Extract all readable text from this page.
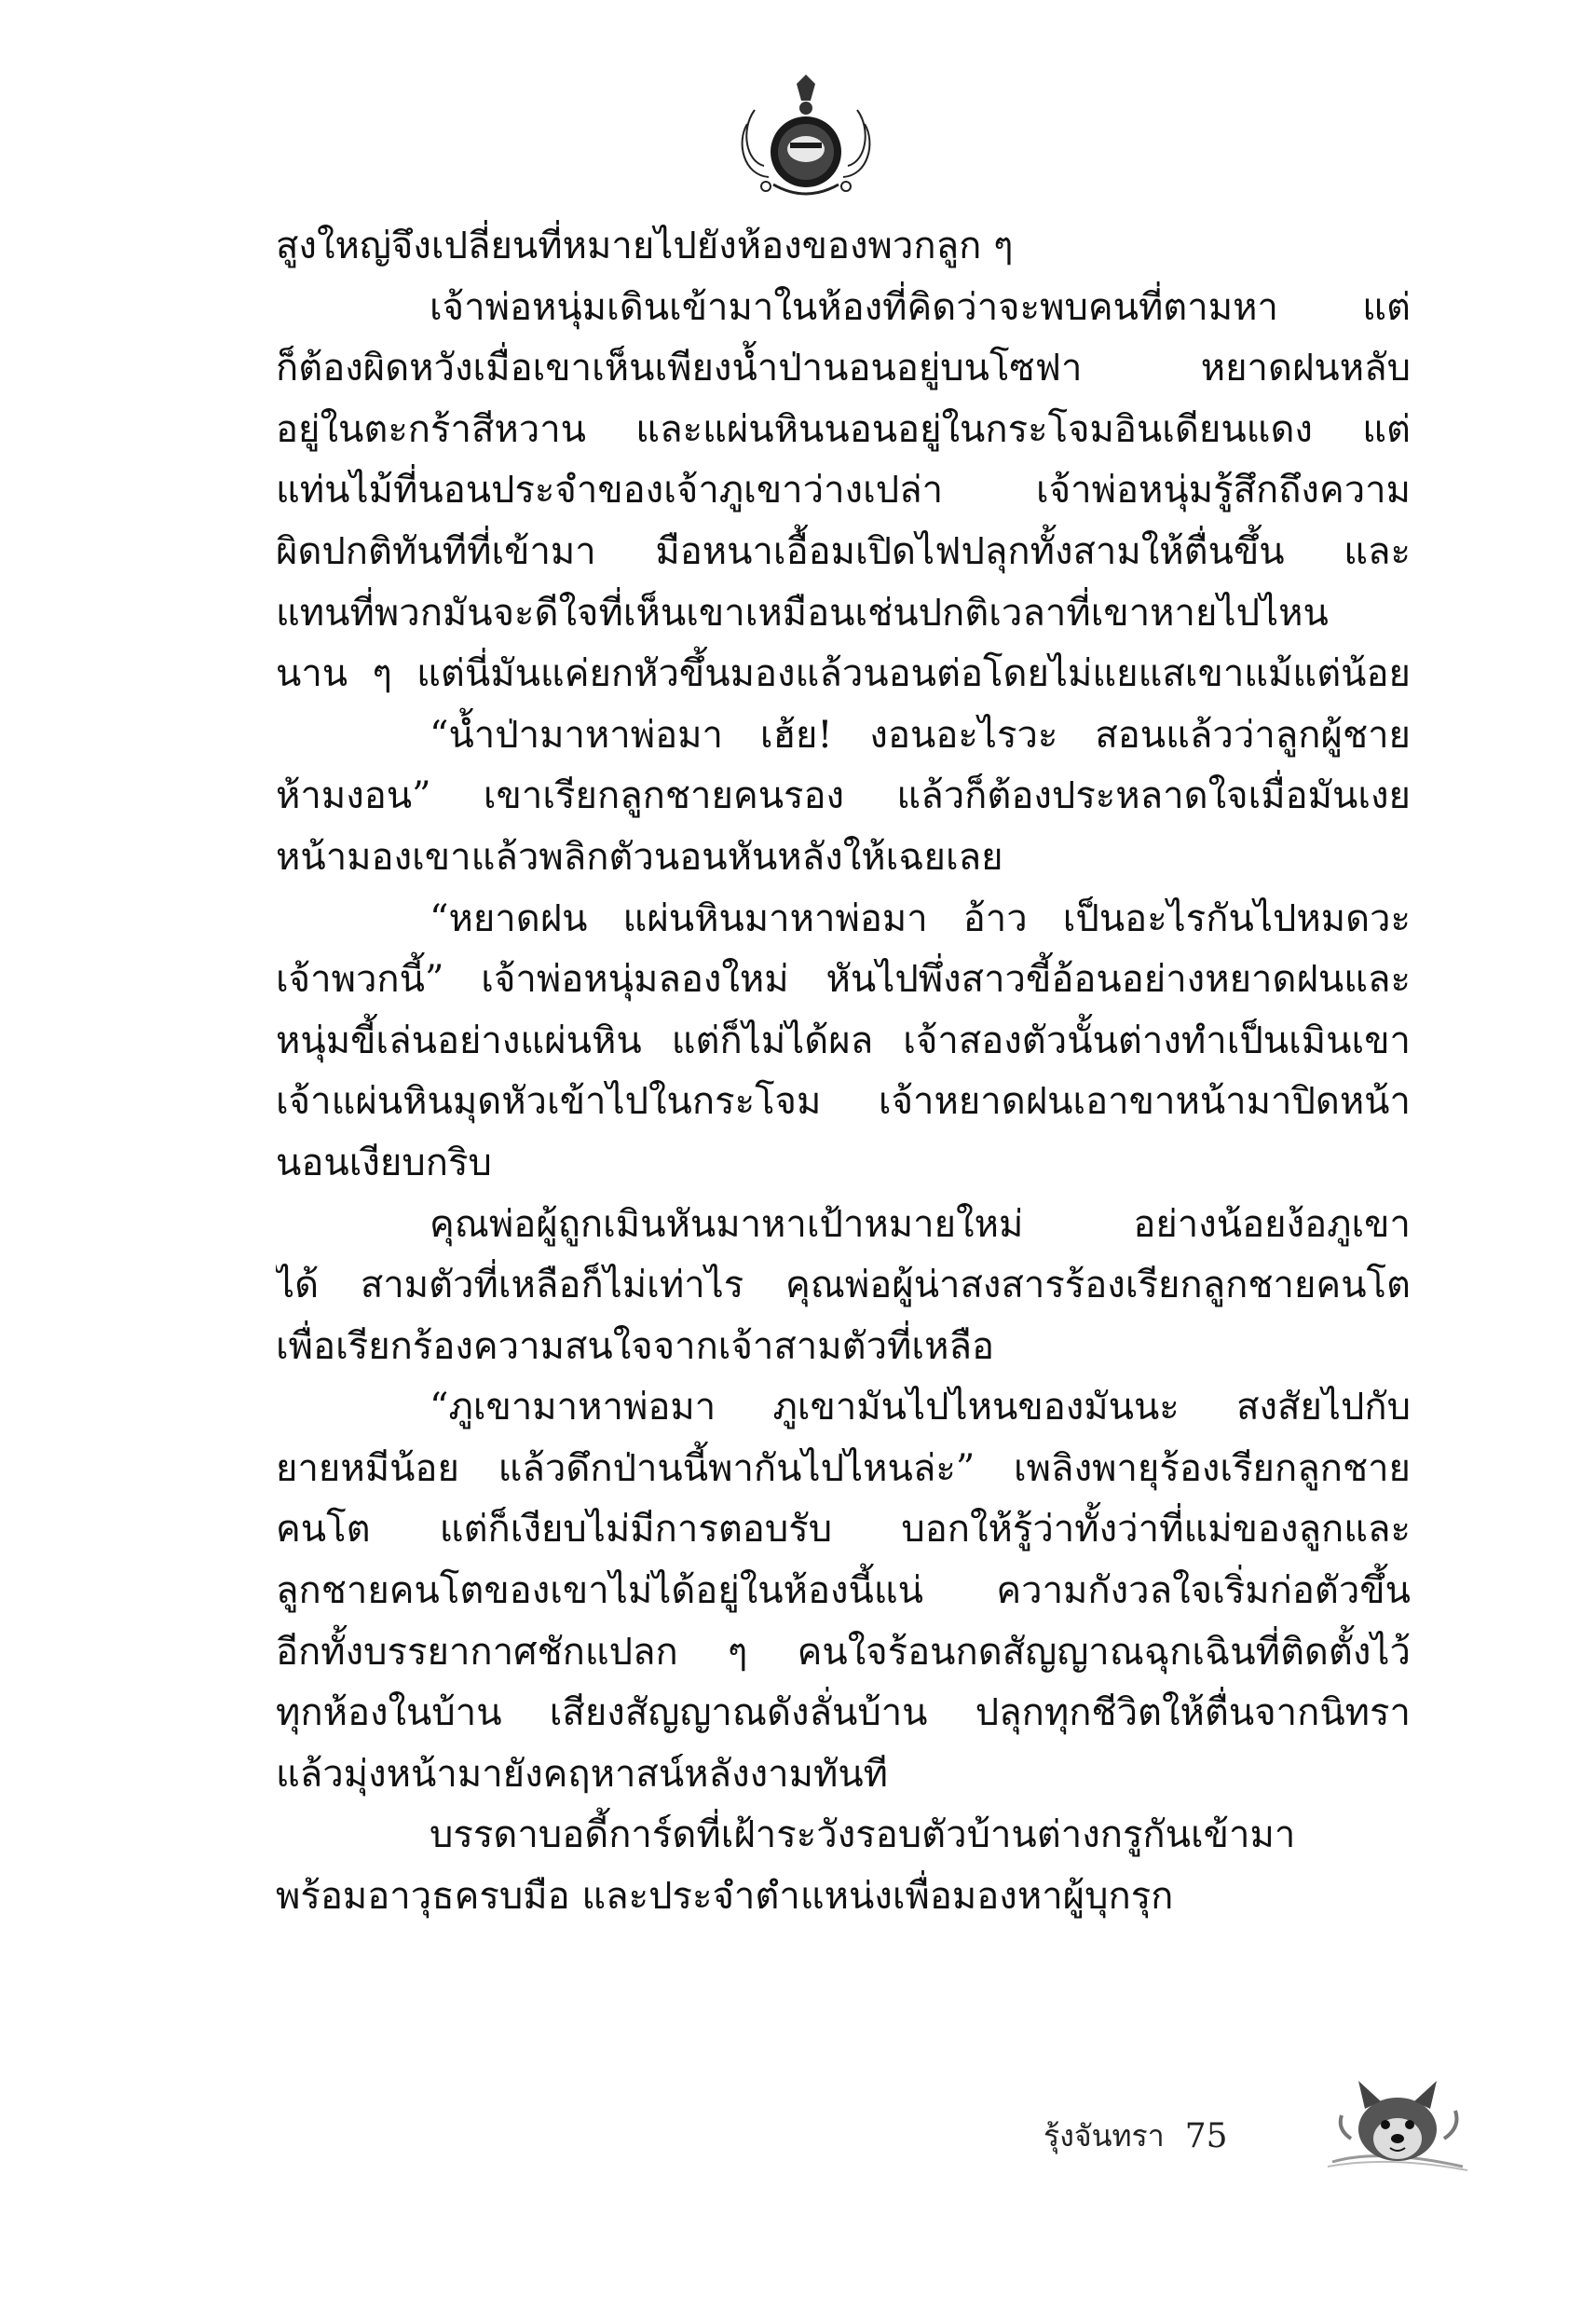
สูงใหญ่จึงเปลี่ยนที่หมายไปยังห้องของพวกลูก ๆ
เจ้าพ่อหนุ่มเดินเข้ามาในห้องที่คิดว่าจะพบคนที่ตามหา แต่
ก็ต้องผิดหวังเมื่อเขาเห็นเพียงน้ำป่านอนอยู่บนโซฟา หยาดฝนหลับ
อยู่ในตะกร้าสีหวาน และแผ่นหินนอนอยู่ในกระโจมอินเดียนแดง แต่
แท่นไม้ที่นอนประจำของเจ้าภูเขาว่างเปล่า เจ้าพ่อหนุ่มรู้สึกถึงความ
ผิดปกติทันทีที่เข้ามา มือหนาเอื้อมเปิดไฟปลุกทั้งสามให้ตื่นขึ้น และ
แทนที่พวกมันจะดีใจที่เห็นเขาเหมือนเช่นปกติเวลาที่เขาหายไปไหน
นาน ๆ แต่นี่มันแค่ยกหัวขึ้นมองแล้วนอนต่อโดยไม่แยแสเขาแม้แต่น้อย
“น้ำป่ามาหาพ่อมา เฮ้ย! งอนอะไรวะ สอนแล้วว่าลูกผู้ชาย
ห้ามงอน” เขาเรียกลูกชายคนรอง แล้วก็ต้องประหลาดใจเมื่อมันเงย
หน้ามองเขาแล้วพลิกตัวนอนหันหลังให้เฉยเลย
“หยาดฝน แผ่นหินมาหาพ่อมา อ้าว เป็นอะไรกันไปหมดวะ
เจ้าพวกนี้” เจ้าพ่อหนุ่มลองใหม่ หันไปพึ่งสาวขี้อ้อนอย่างหยาดฝนและ
หนุ่มขี้เล่นอย่างแผ่นหิน แต่ก็ไม่ได้ผล เจ้าสองตัวนั้นต่างทำเป็นเมินเขา
เจ้าแผ่นหินมุดหัวเข้าไปในกระโจม เจ้าหยาดฝนเอาขาหน้ามาปิดหน้า
นอนเงียบกริบ
คุณพ่อผู้ถูกเมินหันมาหาเป้าหมายใหม่ อย่างน้อยง้อภูเขา
ได้ สามตัวที่เหลือก็ไม่เท่าไร คุณพ่อผู้น่าสงสารร้องเรียกลูกชายคนโต
เพื่อเรียกร้องความสนใจจากเจ้าสามตัวที่เหลือ
“ภูเขามาหาพ่อมา ภูเขามันไปไหนของมันนะ สงสัยไปกับ
ยายหมีน้อย แล้วดึกป่านนี้พากันไปไหนล่ะ” เพลิงพายุร้องเรียกลูกชาย
คนโต แต่ก็เงียบไม่มีการตอบรับ บอกให้รู้ว่าทั้งว่าที่แม่ของลูกและ
ลูกชายคนโตของเขาไม่ได้อยู่ในห้องนี้แน่ ความกังวลใจเริ่มก่อตัวขึ้น
อีกทั้งบรรยากาศชักแปลก ๆ คนใจร้อนกดสัญญาณฉุกเฉินที่ติดตั้งไว้
ทุกห้องในบ้าน เสียงสัญญาณดังลั่นบ้าน ปลุกทุกชีวิตให้ตื่นจากนิทรา
แล้วมุ่งหน้ามายังคฤหาสน์หลังงามทันที
บรรดาบอดี้การ์ดที่เฝ้าระวังรอบตัวบ้านต่างกรูกันเข้ามา
พร้อมอาวุธครบมือ และประจำตำแหน่งเพื่อมองหาผู้บุกรุก
รุ้งจันทรา 75
